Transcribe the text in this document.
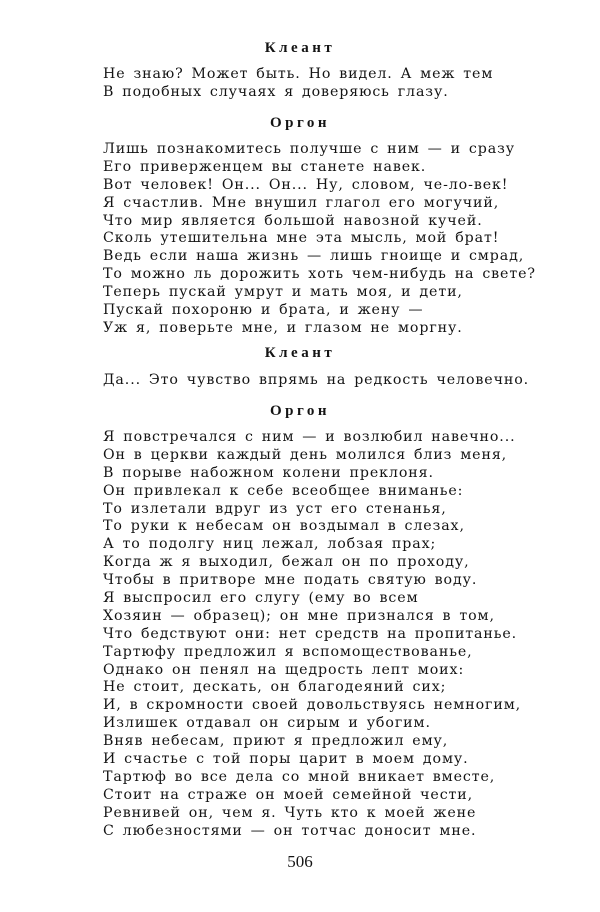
Клеант
Не знаю? Может быть. Но видел. А меж тем
В подобных случаях я доверяюсь глазу.
Оргон
Лишь познакомитесь получше с ним — и сразу
Его приверженцем вы станете навек.
Вот человек! Он... Он... Ну, словом, че-ло-век!
Я счастлив. Мне внушил глагол его могучий,
Что мир является большой навозной кучей.
Сколь утешительна мне эта мысль, мой брат!
Ведь если наша жизнь — лишь гноище и смрад,
То можно ль дорожить хоть чем-нибудь на свете?
Теперь пускай умрут и мать моя, и дети,
Пускай похороню и брата, и жену —
Уж я, поверьте мне, и глазом не моргну.
Клеант
Да... Это чувство впрямь на редкость человечно.
Оргон
Я повстречался с ним — и возлюбил навечно...
Он в церкви каждый день молился близ меня,
В порыве набожном колени преклоня.
Он привлекал к себе всеобщее вниманье:
То излетали вдруг из уст его стенанья,
То руки к небесам он воздымал в слезах,
А то подолгу ниц лежал, лобзая прах;
Когда ж я выходил, бежал он по проходу,
Чтобы в притворе мне подать святую воду.
Я выспросил его слугу (ему во всем
Хозяин — образец); он мне признался в том,
Что бедствуют они: нет средств на пропитанье.
Тартюфу предложил я вспомоществованье,
Однако он пенял на щедрость лепт моих:
Не стоит, дескать, он благодеяний сих;
И, в скромности своей довольствуясь немногим,
Излишек отдавал он сирым и убогим.
Вняв небесам, приют я предложил ему,
И счастье с той поры царит в моем дому.
Тартюф во все дела со мной вникает вместе,
Стоит на страже он моей семейной чести,
Ревнивей он, чем я. Чуть кто к моей жене
С любезностями — он тотчас доносит мне.
506
